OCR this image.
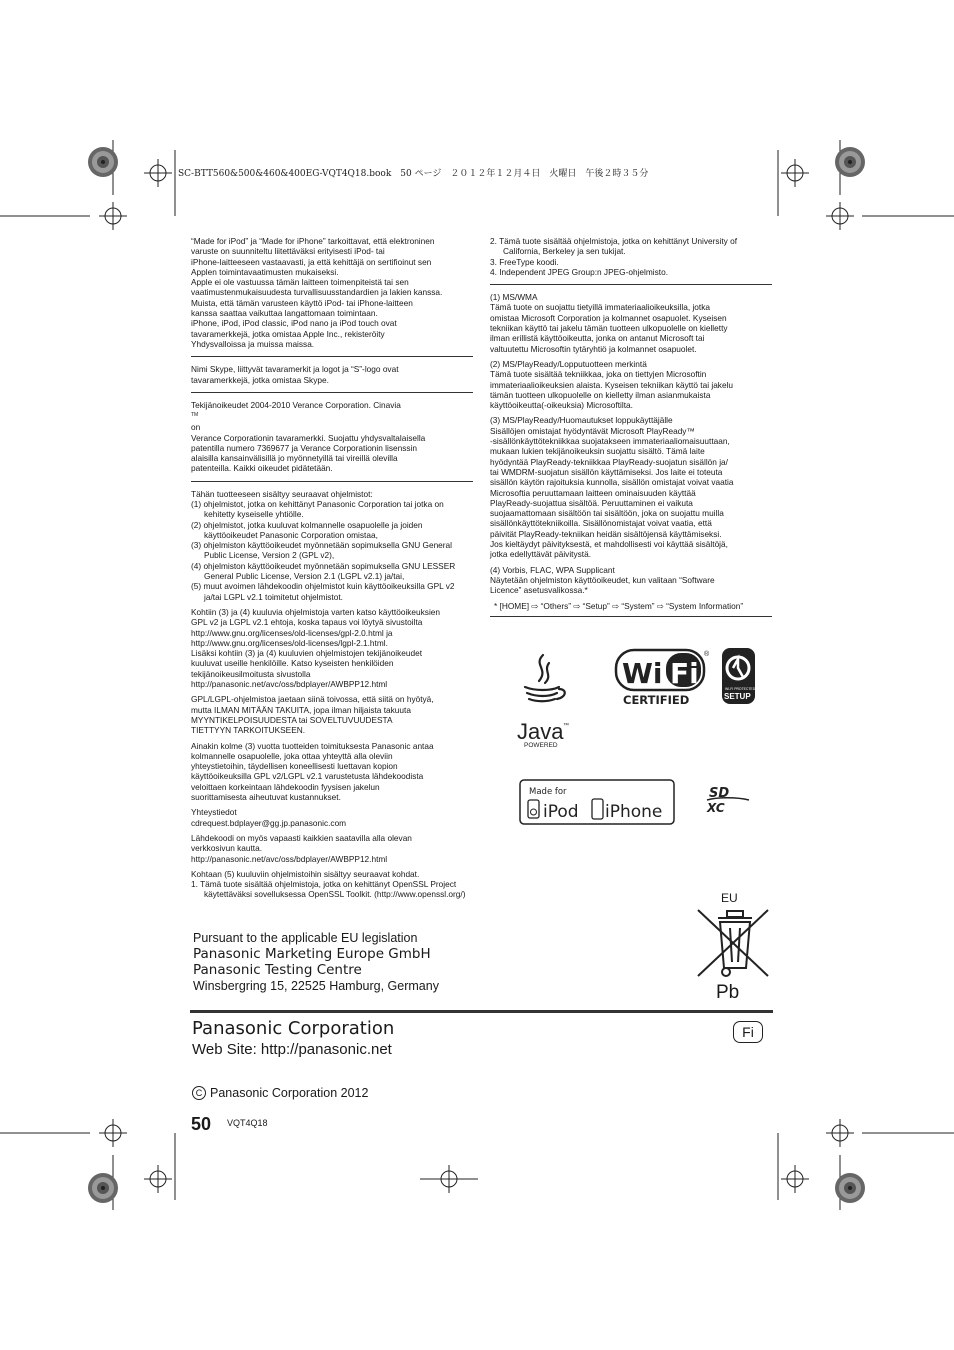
SC-BTT560&500&460&400EG-VQT4Q18.book　50 ページ　２０１２年１２月４日　火曜日　午後２時３５分
“Made for iPod” ja “Made for iPhone” tarkoittavat, että elektroninen
varuste on suunniteltu liitettäväksi erityisesti iPod- tai
iPhone-laitteeseen vastaavasti, ja että kehittäjä on sertifioinut sen
Applen toimintavaatimusten mukaiseksi.
Apple ei ole vastuussa tämän laitteen toimenpiteistä tai sen
vaatimustenmukaisuudesta turvallisuusstandardien ja lakien kanssa.
Muista, että tämän varusteen käyttö iPod- tai iPhone-laitteen
kanssa saattaa vaikuttaa langattomaan toimintaan.
iPhone, iPod, iPod classic, iPod nano ja iPod touch ovat
tavaramerkkejä, jotka omistaa Apple Inc., rekisteröity
Yhdysvalloissa ja muissa maissa.
Nimi Skype, liittyvät tavaramerkit ja logot ja “S”-logo ovat
tavaramerkkejä, jotka omistaa Skype.
Tekijänoikeudet 2004-2010 Verance Corporation. Cinavia
™
on
Verance Corporationin tavaramerkki. Suojattu yhdysvaltalaisella
patentilla numero 7369677 ja Verance Corporationin lisenssin
alaisilla kansainvälisillä jo myönnetyillä tai vireillä olevilla
patenteilla. Kaikki oikeudet pidätetään.

Tähän tuotteeseen sisältyy seuraavat ohjelmistot:

(1) ohjelmistot, jotka on kehittänyt Panasonic Corporation tai jotka on kehitetty kyseiselle yhtiölle.
(2) ohjelmistot, jotka kuuluvat kolmannelle osapuolelle ja joiden käyttöoikeudet Panasonic Corporation omistaa,
(3) ohjelmiston käyttöoikeudet myönnetään sopimuksella GNU General Public License, Version 2 (GPL v2),
(4) ohjelmiston käyttöoikeudet myönnetään sopimuksella GNU LESSER General Public License, Version 2.1 (LGPL v2.1) ja/tai,
(5) muut avoimen lähdekoodin ohjelmistot kuin käyttöoikeuksilla GPL v2 ja/tai LGPL v2.1 toimitetut ohjelmistot.

Kohtiin (3) ja (4) kuuluvia ohjelmistoja varten katso käyttöoikeuksien
GPL v2 ja LGPL v2.1 ehtoja, koska tapaus voi löytyä sivustoilta
http://www.gnu.org/licenses/old-licenses/gpl-2.0.html ja
http://www.gnu.org/licenses/old-licenses/lgpl-2.1.html.
Lisäksi kohtiin (3) ja (4) kuuluvien ohjelmistojen tekijänoikeudet
kuuluvat useille henkilöille. Katso kyseisten henkilöiden
tekijänoikeusilmoitusta sivustolla
http://panasonic.net/avc/oss/bdplayer/AWBPP12.html

GPL/LGPL-ohjelmistoa jaetaan siinä toivossa, että siitä on hyötyä,
mutta ILMAN MITÄÄN TAKUITA, jopa ilman hiljaista takuuta
MYYNTIKELPOISUUDESTA tai SOVELTUVUUDESTA
TIETTYYN TARKOITUKSEEN.

Ainakin kolme (3) vuotta tuotteiden toimituksesta Panasonic antaa
kolmannelle osapuolelle, joka ottaa yhteyttä alla oleviin
yhteystietoihin, täydellisen koneellisesti luettavan kopion
käyttöoikeuksilla GPL v2/LGPL v2.1 varustetusta lähdekoodista
veloittaen korkeintaan lähdekoodin fyysisen jakelun
suorittamisesta aiheutuvat kustannukset.

Yhteystiedot
cdrequest.bdplayer@gg.jp.panasonic.com

Lähdekoodi on myös vapaasti kaikkien saatavilla alla olevan
verkkosivun kautta.
http://panasonic.net/avc/oss/bdplayer/AWBPP12.html

Kohtaan (5) kuuluviin ohjelmistoihin sisältyy seuraavat kohdat.

1. Tämä tuote sisältää ohjelmistoja, jotka on kehittänyt OpenSSL Project käytettäväksi sovelluksessa OpenSSL Toolkit. (http://www.openssl.org/)
2. Tämä tuote sisältää ohjelmistoja, jotka on kehittänyt University of California, Berkeley ja sen tukijat.
3. FreeType koodi.
4. Independent JPEG Group:n JPEG-ohjelmisto.

(1) MS/WMA
Tämä tuote on suojattu tietyillä immateriaalioikeuksilla, jotka
omistaa Microsoft Corporation ja kolmannet osapuolet. Kyseisen
tekniikan käyttö tai jakelu tämän tuotteen ulkopuolelle on kielletty
ilman erillistä käyttöoikeutta, jonka on antanut Microsoft tai
valtuutettu Microsoftin tytäryhtiö ja kolmannet osapuolet.

(2) MS/PlayReady/Lopputuotteen merkintä
Tämä tuote sisältää tekniikkaa, joka on tiettyjen Microsoftin
immateriaalioikeuksien alaista. Kyseisen tekniikan käyttö tai jakelu
tämän tuotteen ulkopuolelle on kielletty ilman asianmukaista
käyttöoikeutta(-oikeuksia) Microsoftilta.

(3) MS/PlayReady/Huomautukset loppukäyttäjälle
Sisällöjen omistajat hyödyntävät Microsoft PlayReady™
-sisällönkäyttötekniikkaa suojatakseen immateriaaliomaisuuttaan,
mukaan lukien tekijänoikeuksin suojattu sisältö. Tämä laite
hyödyntää PlayReady-tekniikkaa PlayReady-suojatun sisällön ja/
tai WMDRM-suojatun sisällön käyttämiseksi. Jos laite ei toteuta
sisällön käytön rajoituksia kunnolla, sisällön omistajat voivat vaatia
Microsoftia peruuttamaan laitteen ominaisuuden käyttää
PlayReady-suojattua sisältöä. Peruuttaminen ei vaikuta
suojaamattomaan sisältöön tai sisältöön, joka on suojattu muilla
sisällönkäyttötekniikoilla. Sisällönomistajat voivat vaatia, että
päivität PlayReady-tekniikan heidän sisältöjensä käyttämiseksi.
Jos kieltäydyt päivityksestä, et mahdollisesti voi käyttää sisältöjä,
jotka edellyttävät päivitystä.

(4) Vorbis, FLAC, WPA Supplicant
Näytetään ohjelmiston käyttöoikeudet, kun valitaan “Software
Licence” asetusvalikossa.*

* [HOME] ⇨ “Others” ⇨ “Setup” ⇨ “System” ⇨ “System Information”
Java ™
POWERED
Wi Fi
®
CERTIFIED
WI-FI PROTECTED
SETUP
Made for
iPod iPhone
SD
XC
EU
Pb
Pursuant to the applicable EU legislation
Panasonic Marketing Europe GmbH
Panasonic Testing Centre
Winsbergring 15, 22525 Hamburg, Germany
Panasonic Corporation
Web Site: http://panasonic.net
Fi
C Panasonic Corporation 2012
50 VQT4Q18
